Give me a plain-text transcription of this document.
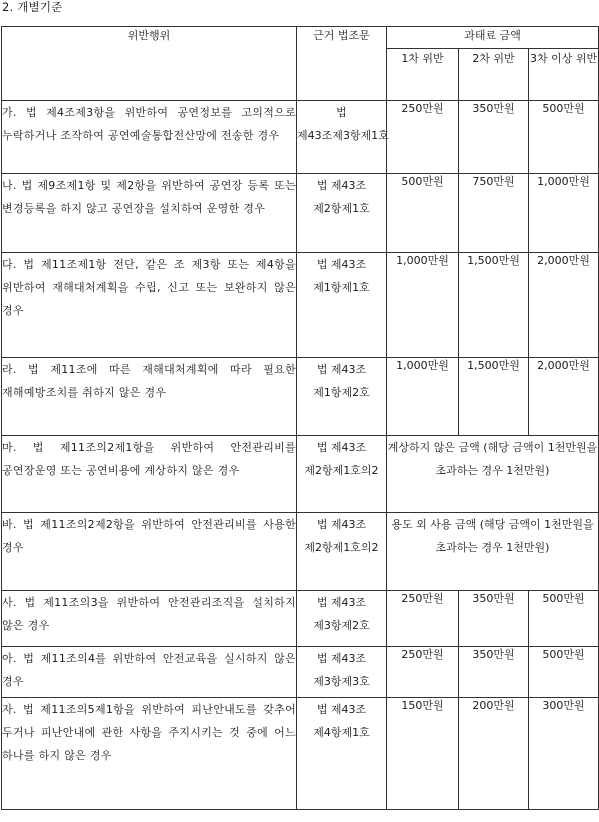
2. 개별기준
위반행위	근거 법조문	과태료 금액		
		1차 위반	2차 위반	3차 이상 위반
가. 법 제4조제3항을 위반하여 공연정보를 고의적으로 누락하거나 조작하여 공연예술통합전산망에 전송한 경우	법 제43조제3항제1호	250만원	350만원	500만원
나. 법 제9조제1항 및 제2항을 위반하여 공연장 등록 또는 변경등록을 하지 않고 공연장을 설치하여 운영한 경우	법 제43조 제2항제1호	500만원	750만원	1,000만원
다. 법 제11조제1항 전단, 같은 조 제3항 또는 제4항을 위반하여 재해대처계획을 수립, 신고 또는 보완하지 않은 경우	법 제43조 제1항제1호	1,000만원	1,500만원	2,000만원
라. 법 제11조에 따른 재해대처계획에 따라 필요한 재해예방조치를 취하지 않은 경우	법 제43조 제1항제2호	1,000만원	1,500만원	2,000만원
마. 법 제11조의2제1항을 위반하여 안전관리비를 공연장운영 또는 공연비용에 계상하지 않은 경우	법 제43조 제2항제1호의2	계상하지 않은 금액 (해당 금액이 1천만원을 초과하는 경우 1천만원)		
바. 법 제11조의2제2항을 위반하여 안전관리비를 사용한 경우	법 제43조 제2항제1호의2	용도 외 사용 금액 (해당 금액이 1천만원을 초과하는 경우 1천만원)		
사. 법 제11조의3을 위반하여 안전관리조직을 설치하지 않은 경우	법 제43조 제3항제2호	250만원	350만원	500만원
아. 법 제11조의4를 위반하여 안전교육을 실시하지 않은 경우	법 제43조 제3항제3호	250만원	350만원	500만원
자. 법 제11조의5제1항을 위반하여 피난안내도를 갖추어 두거나 피난안내에 관한 사항을 주지시키는 것 중에 어느 하나를 하지 않은 경우	법 제43조 제4항제1호	150만원	200만원	300만원
